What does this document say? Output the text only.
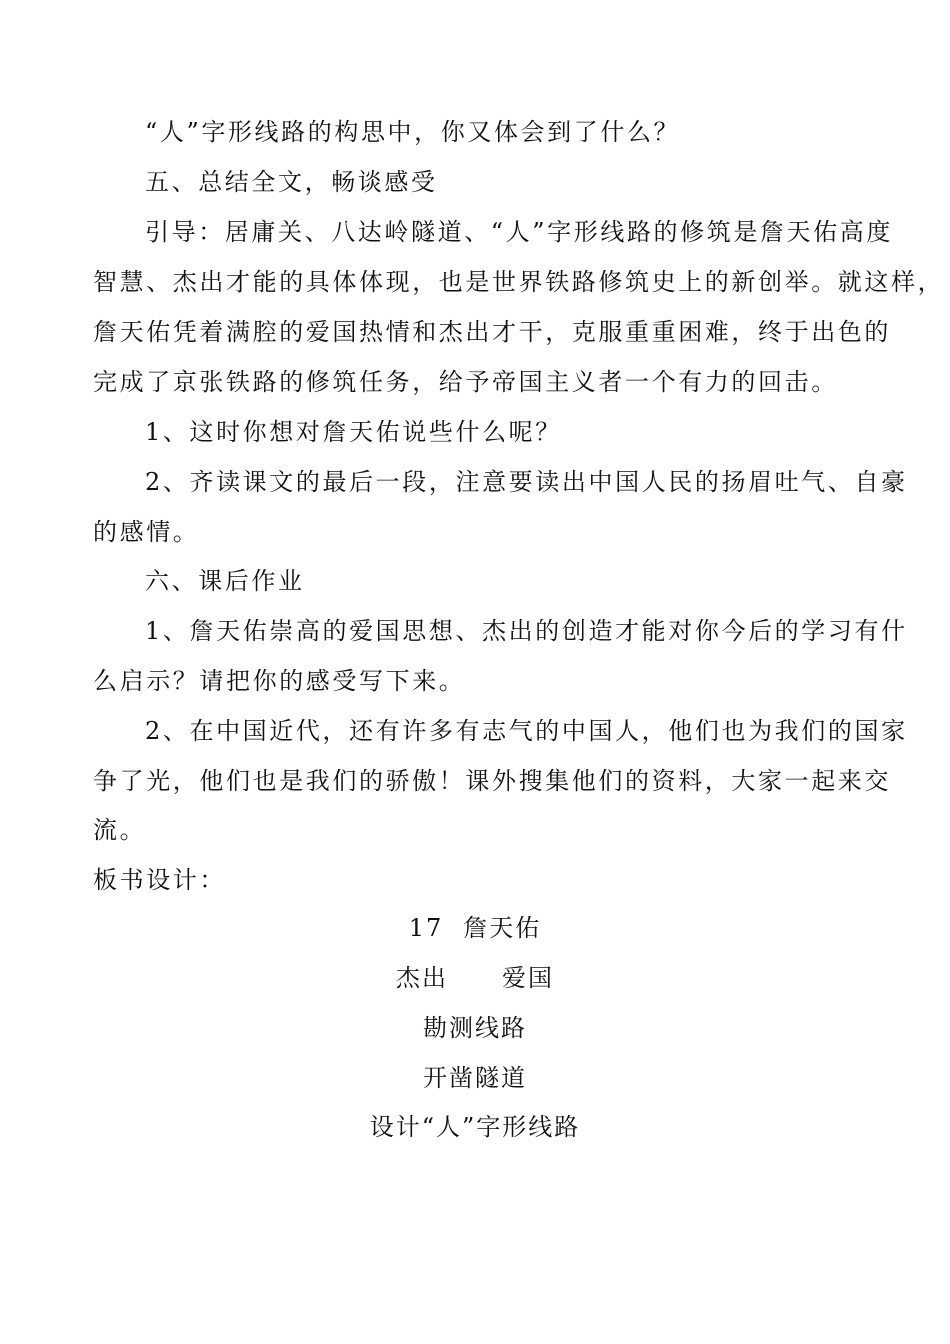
“人”字形线路的构思中，你又体会到了什么？
五、总结全文，畅谈感受
引导：居庸关、八达岭隧道、“人”字形线路的修筑是詹天佑高度
智慧、杰出才能的具体体现，也是世界铁路修筑史上的新创举。就这样，
詹天佑凭着满腔的爱国热情和杰出才干，克服重重困难，终于出色的
完成了京张铁路的修筑任务，给予帝国主义者一个有力的回击。
1、这时你想对詹天佑说些什么呢？
2、齐读课文的最后一段，注意要读出中国人民的扬眉吐气、自豪
的感情。
六、课后作业
1、詹天佑崇高的爱国思想、杰出的创造才能对你今后的学习有什
么启示？请把你的感受写下来。
2、在中国近代，还有许多有志气的中国人，他们也为我们的国家
争了光，他们也是我们的骄傲！课外搜集他们的资料，大家一起来交
流。
板书设计：
17 詹天佑
杰出 爱国
勘测线路
开凿隧道
设计“人”字形线路
